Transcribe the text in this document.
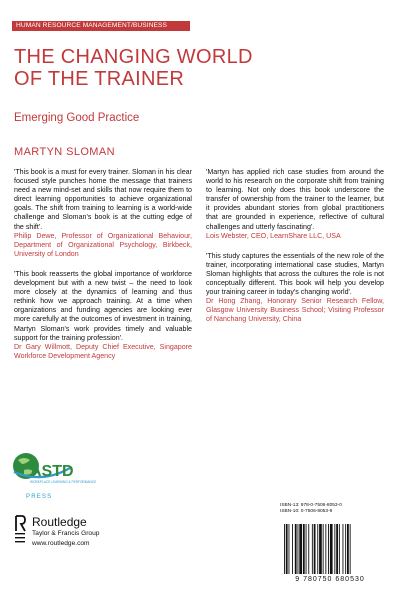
HUMAN RESOURCE MANAGEMENT/BUSINESS
THE CHANGING WORLD
OF THE TRAINER
Emerging Good Practice
MARTYN SLOMAN

'This book is a must for every trainer. Sloman in his clear focused style punches home the message that trainers need a new mind-set and skills that now require them to direct learning opportunities to achieve organizational goals. The shift from training to learning is a world-wide challenge and Sloman's book is at the cutting edge of the shift'.

Philip Dewe, Professor of Organizational Behaviour, Department of Organizational Psychology, Birkbeck, University of London

'This book reasserts the global importance of workforce development but with a new twist – the need to look more closely at the dynamics of learning and thus rethink how we approach training. At a time when organizations and funding agencies are looking ever more carefully at the outcomes of investment in training, Martyn Sloman's work provides timely and valuable support for the training profession'.

Dr Gary Willmott, Deputy Chief Executive, Singapore Workforce Development Agency

'Martyn has applied rich case studies from around the world to his research on the corporate shift from training to learning. Not only does this book underscore the transfer of ownership from the trainer to the learner, but it provides abundant stories from global practitioners that are grounded in experience, reflective of cultural challenges and utterly fascinating'.

Lois Webster, CEO, LearnShare LLC, USA

'This study captures the essentials of the new role of the trainer, incorporating international case studies, Martyn Sloman highlights that across the cultures the role is not conceptually different. This book will help you develop your training career in today's changing world'.

Dr Hong Zhang, Honorary Senior Research Fellow, Glasgow University Business School; Visiting Professor of Nanchang University, China

ASTD
WORKPLACE LEARNING & PERFORMANCE
PRESS
Routledge
Taylor & Francis Group
www.routledge.com
ISBN-13: 978-0-7506-8053-0
ISBN-10: 0-7506-8053-9
9 780750 680530
